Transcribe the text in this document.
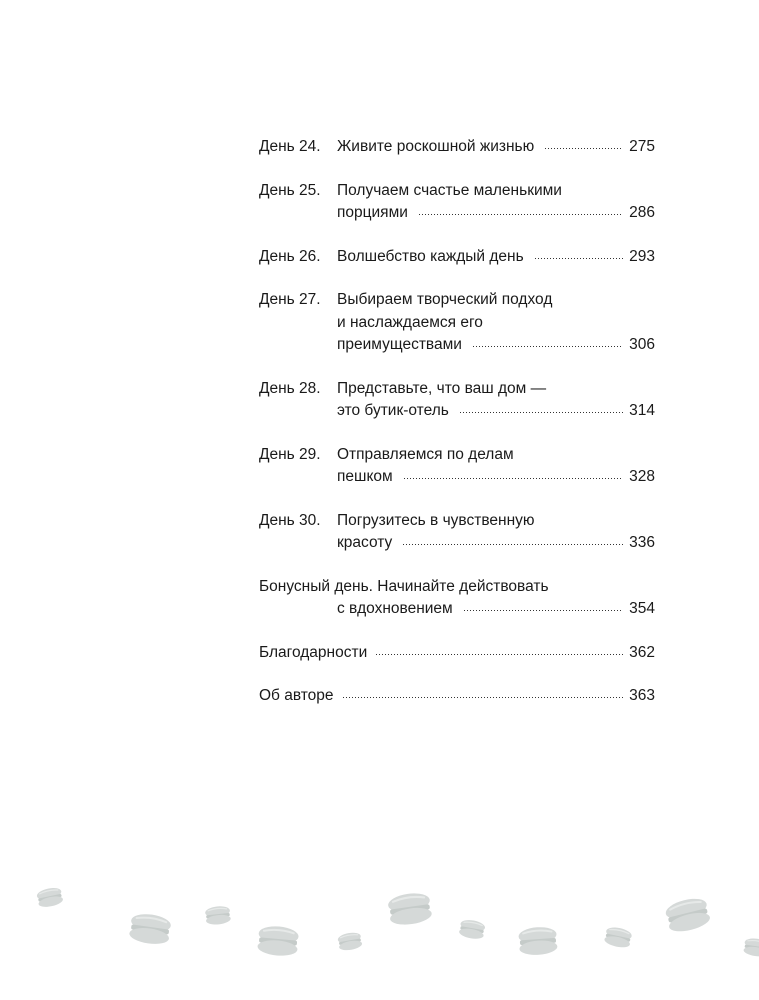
День 24.	Живите роскошной жизнью	275
День 25.	Получаем счастье маленькими
порциями	286
День 26.	Волшебство каждый день	293
День 27.	Выбираем творческий подход
и наслаждаемся его
преимуществами	306
День 28.	Представьте, что ваш дом —
это бутик-отель	314
День 29.	Отправляемся по делам
пешком	328
День 30.	Погрузитесь в чувственную
красоту	336
Бонусный день. Начинайте действовать
с вдохновением	354
Благодарности	362
Об авторе	363
